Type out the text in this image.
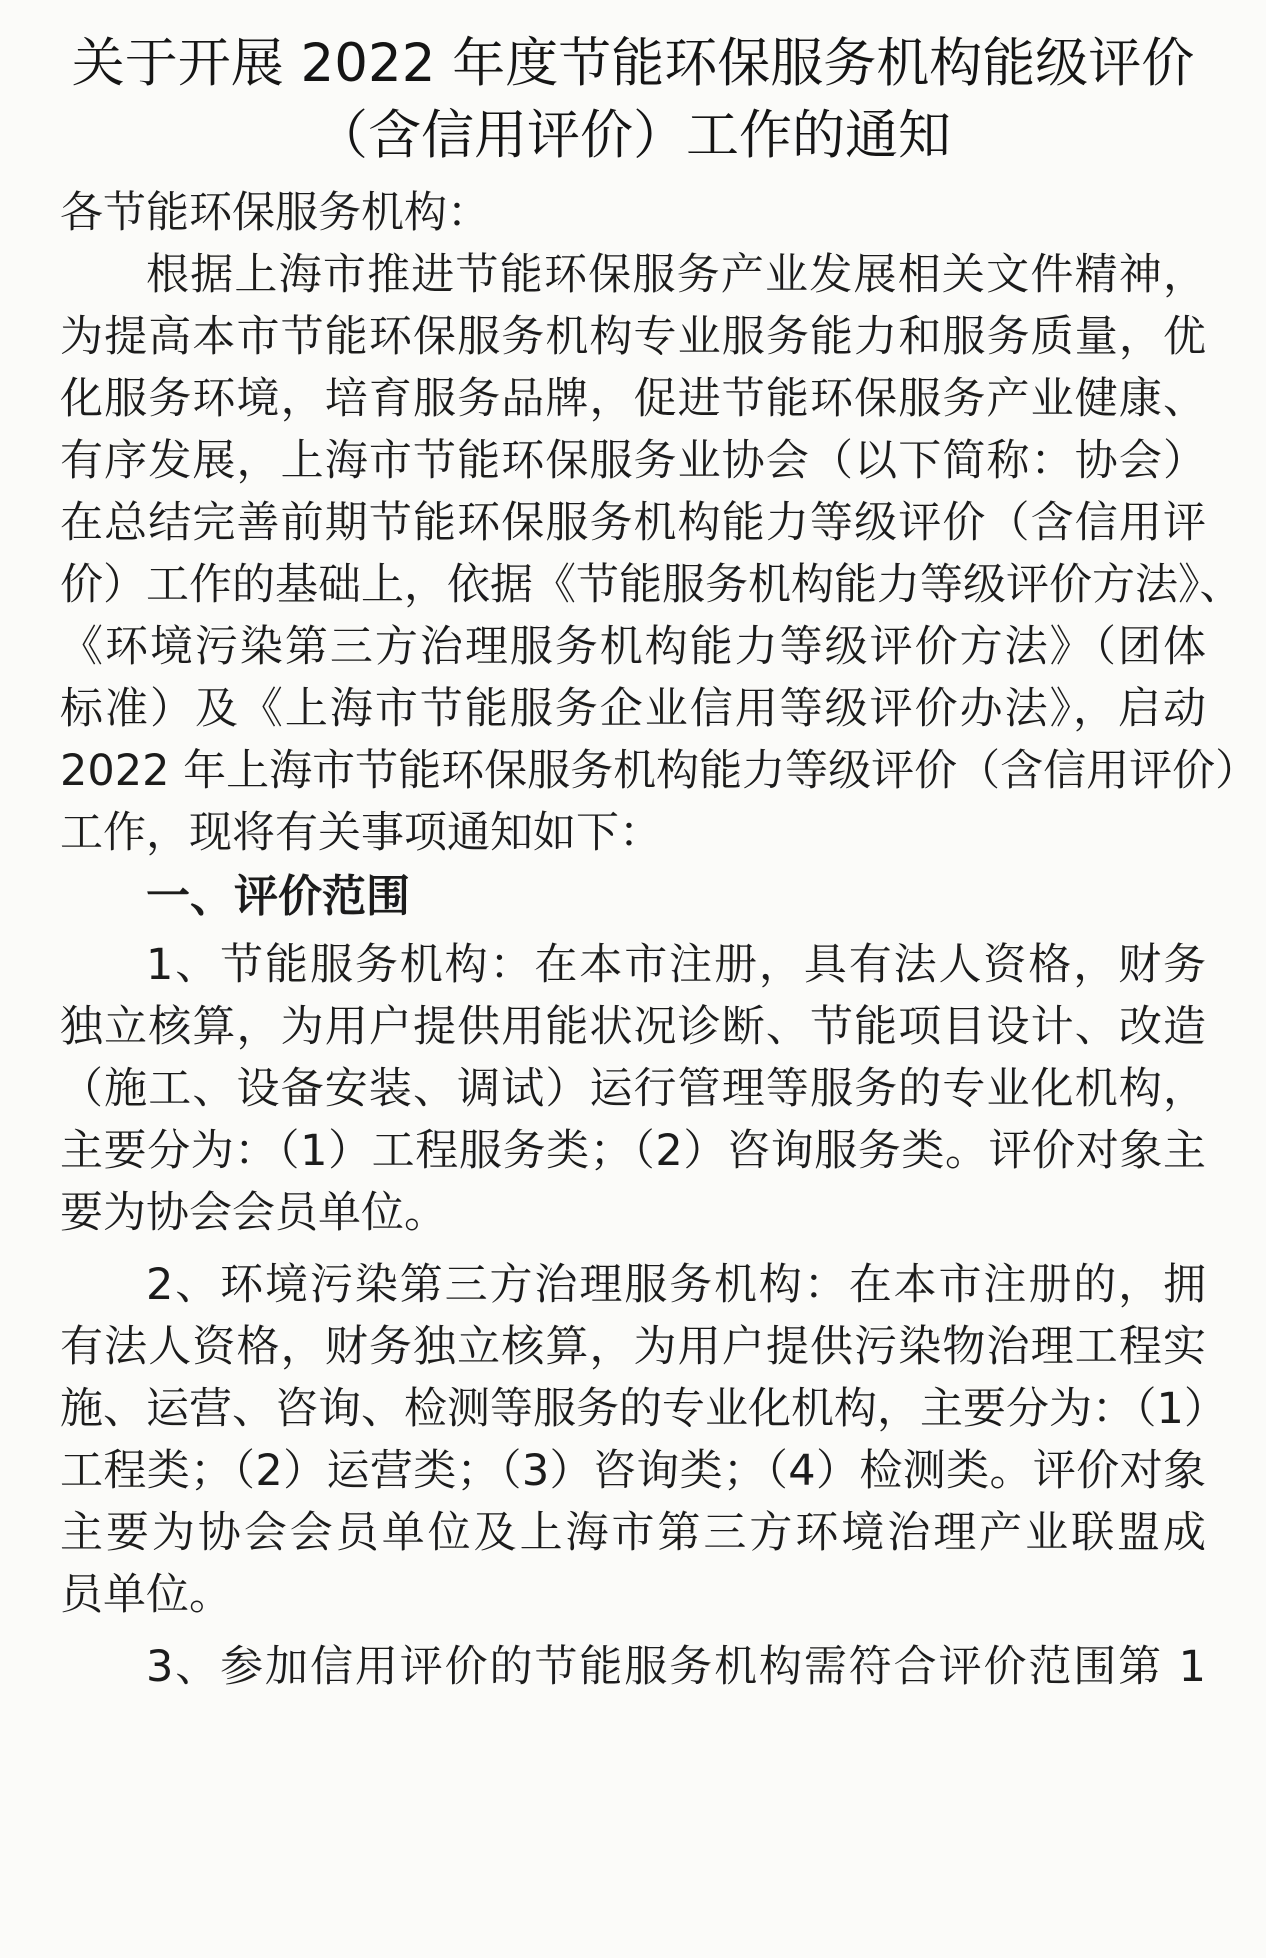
关于开展 2022 年度节能环保服务机构能级评价
（含信用评价）工作的通知
各节能环保服务机构：
根据上海市推进节能环保服务产业发展相关文件精神，
为提高本市节能环保服务机构专业服务能力和服务质量，优
化服务环境，培育服务品牌，促进节能环保服务产业健康、
有序发展，上海市节能环保服务业协会（以下简称：协会）
在总结完善前期节能环保服务机构能力等级评价（含信用评
价）工作的基础上，依据《节能服务机构能力等级评价方法》、
《环境污染第三方治理服务机构能力等级评价方法》（团体
标准）及《上海市节能服务企业信用等级评价办法》，启动
2022 年上海市节能环保服务机构能力等级评价（含信用评价）
工作，现将有关事项通知如下：
一、评价范围
1、节能服务机构：在本市注册，具有法人资格，财务
独立核算，为用户提供用能状况诊断、节能项目设计、改造
（施工、设备安装、调试）运行管理等服务的专业化机构，
主要分为：（1）工程服务类；（2）咨询服务类。评价对象主
要为协会会员单位。
2、环境污染第三方治理服务机构：在本市注册的，拥
有法人资格，财务独立核算，为用户提供污染物治理工程实
施、运营、咨询、检测等服务的专业化机构，主要分为：（1）
工程类；（2）运营类；（3）咨询类；（4）检测类。评价对象
主要为协会会员单位及上海市第三方环境治理产业联盟成
员单位。
3、参加信用评价的节能服务机构需符合评价范围第 1
